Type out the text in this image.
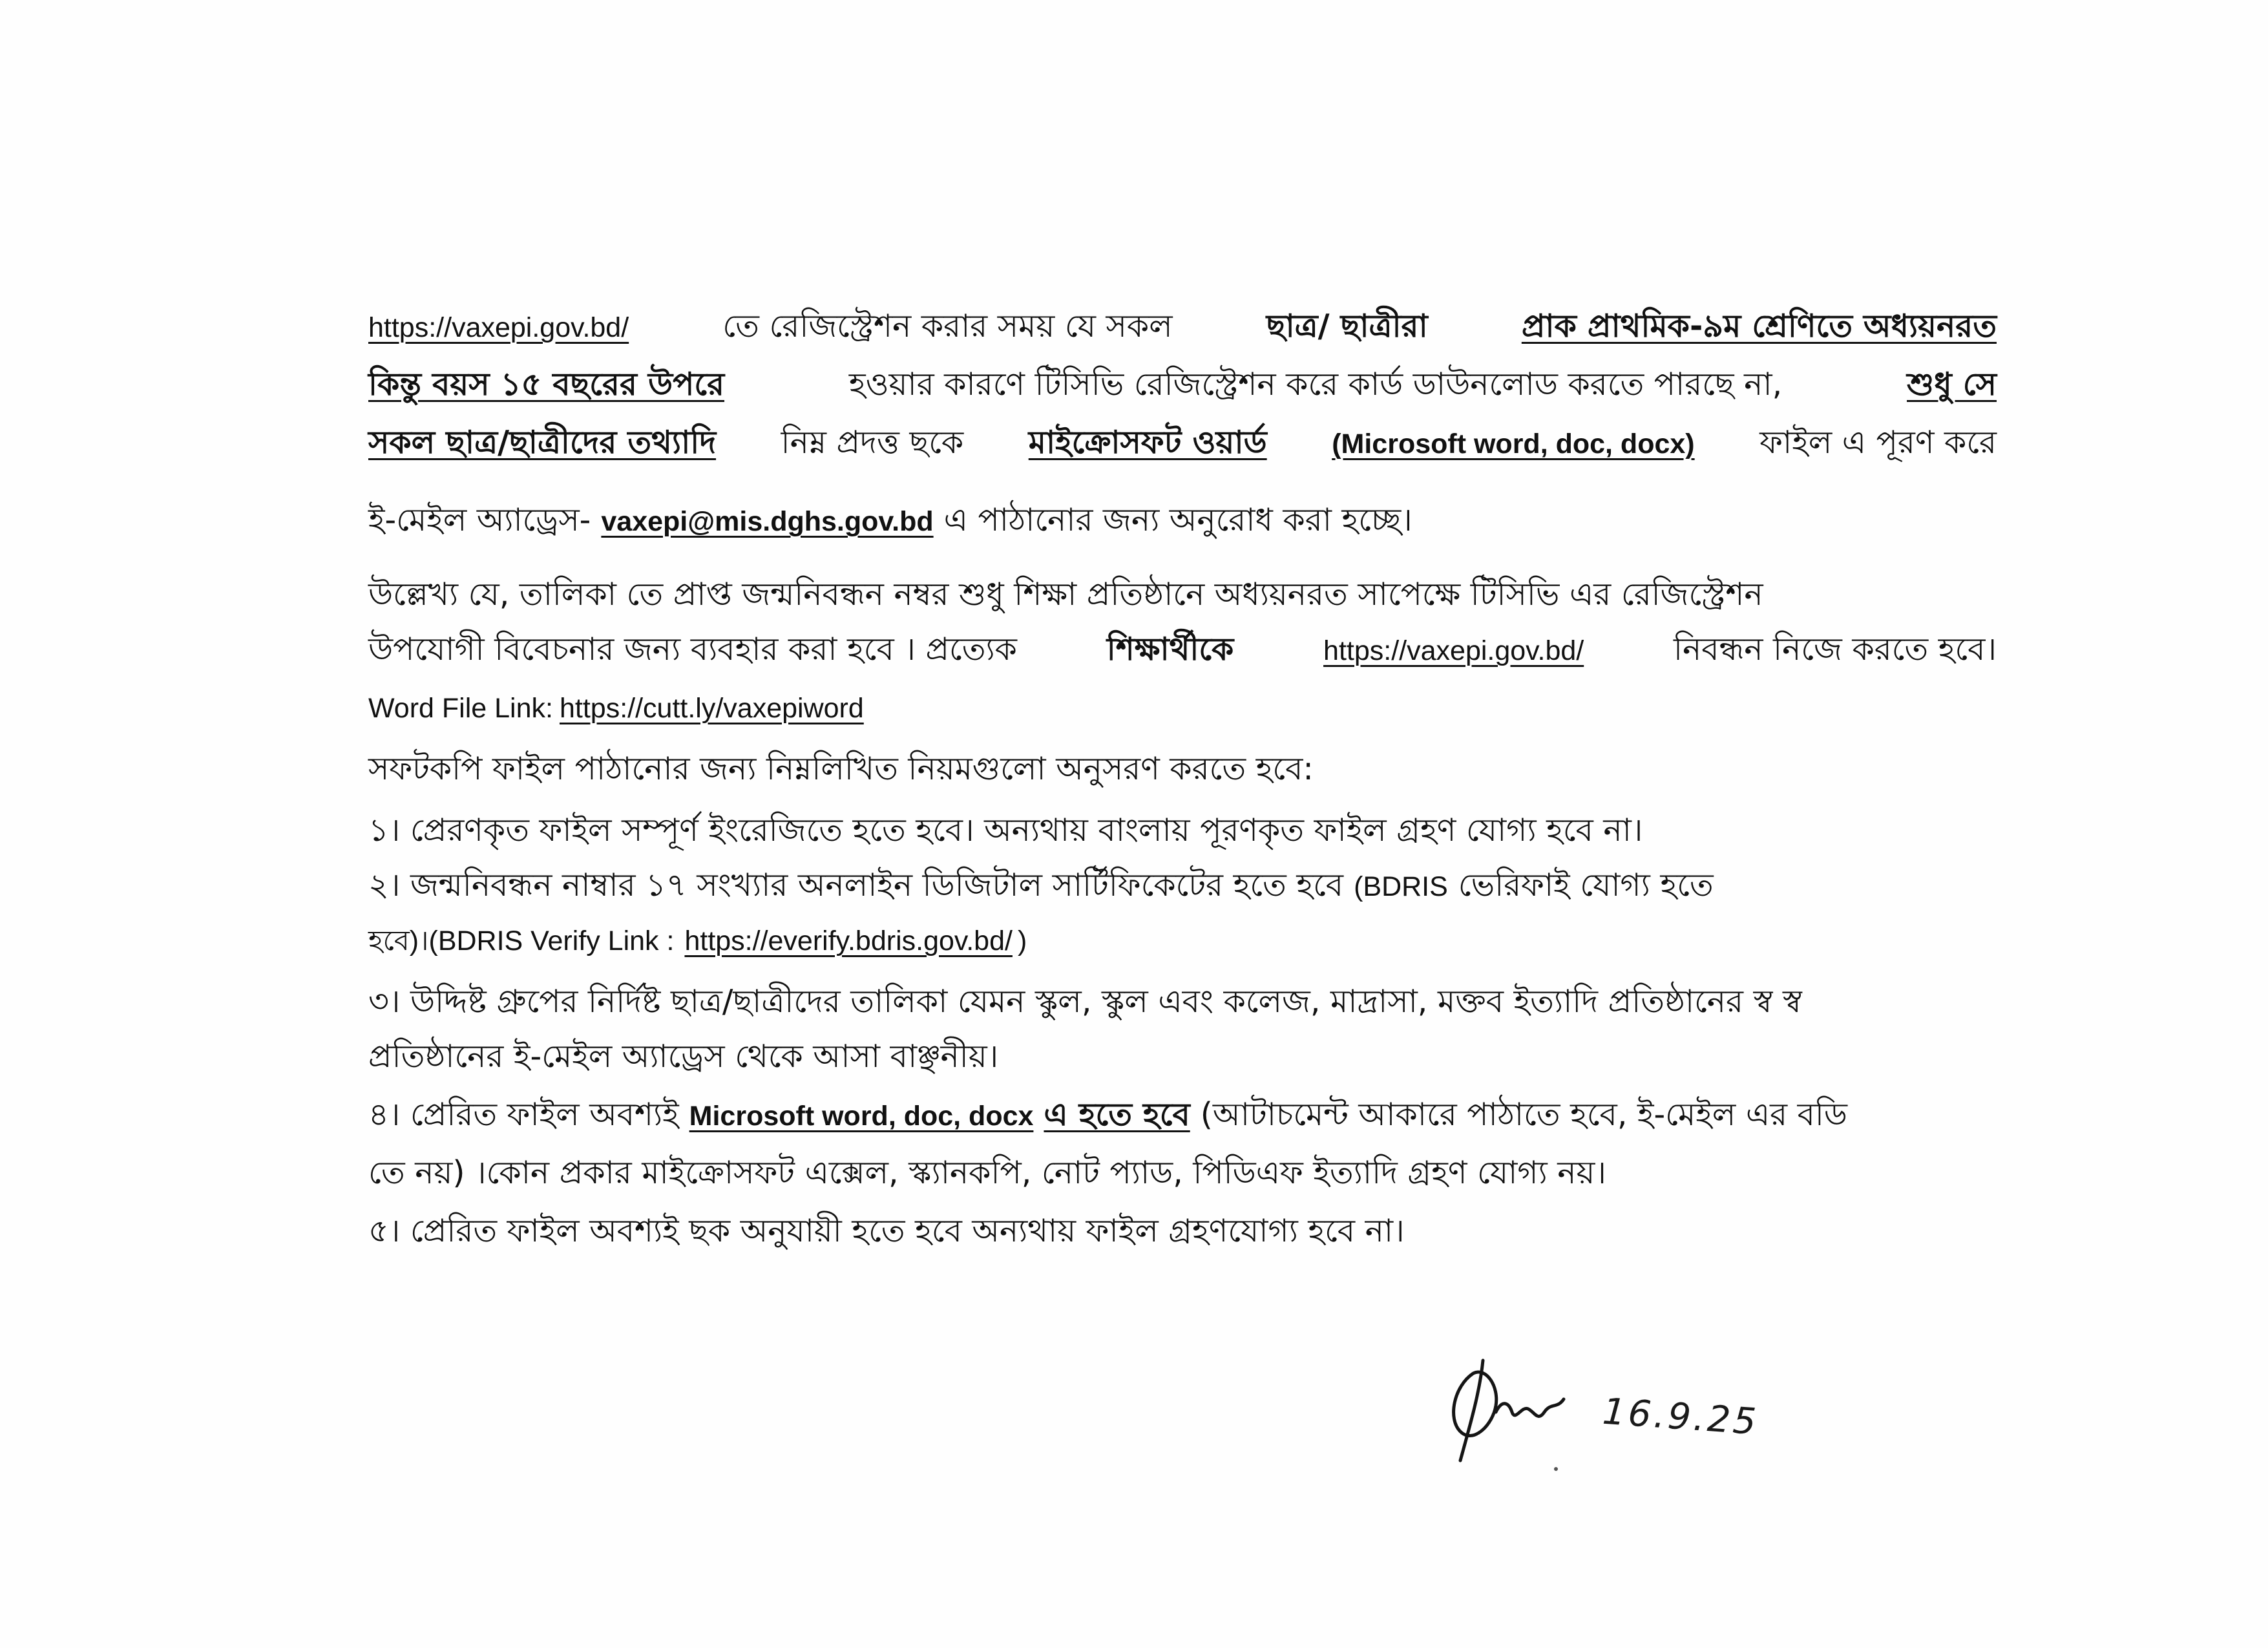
https://vaxepi.gov.bd/	তে রেজিস্ট্রেশন করার সময় যে সকল	ছাত্র/ ছাত্রীরা	প্রাক প্রাথমিক-৯ম শ্রেণিতে অধ্যয়নরত
কিন্তু বয়স ১৫ বছরের উপরে	হওয়ার কারণে টিসিভি রেজিস্ট্রেশন করে কার্ড ডাউনলোড করতে পারছে না,	শুধু সে
সকল ছাত্র/ছাত্রীদের তথ্যাদি নিম্ন প্রদত্ত ছকে মাইক্রোসফট ওয়ার্ড (Microsoft word, doc, docx) ফাইল এ পূরণ করে
ই-মেইল অ্যাড্রেস- vaxepi@mis.dghs.gov.bd এ পাঠানোর জন্য অনুরোধ করা হচ্ছে।
উল্লেখ্য যে, তালিকা তে প্রাপ্ত জন্মনিবন্ধন নম্বর শুধু শিক্ষা প্রতিষ্ঠানে অধ্যয়নরত সাপেক্ষে টিসিভি এর রেজিস্ট্রেশন
উপযোগী বিবেচনার জন্য ব্যবহার করা হবে । প্রত্যেক	শিক্ষার্থীকে	https://vaxepi.gov.bd/	নিবন্ধন নিজে করতে হবে।
Word File Link: https://cutt.ly/vaxepiword
সফটকপি ফাইল পাঠানোর জন্য নিম্নলিখিত নিয়মগুলো অনুসরণ করতে হবে:
১। প্রেরণকৃত ফাইল সম্পূর্ণ ইংরেজিতে হতে হবে। অন্যথায় বাংলায় পূরণকৃত ফাইল গ্রহণ যোগ্য হবে না।
২। জন্মনিবন্ধন নাম্বার ১৭ সংখ্যার অনলাইন ডিজিটাল সার্টিফিকেটের হতে হবে (BDRIS ভেরিফাই যোগ্য হতে
হবে)।(BDRIS Verify Link : https://everify.bdris.gov.bd/ )
৩। উদ্দিষ্ট গ্রুপের নির্দিষ্ট ছাত্র/ছাত্রীদের তালিকা যেমন স্কুল, স্কুল এবং কলেজ, মাদ্রাসা, মক্তব ইত্যাদি প্রতিষ্ঠানের স্ব স্ব
প্রতিষ্ঠানের ই-মেইল অ্যাড্রেস থেকে আসা বাঞ্ছনীয়।
৪। প্রেরিত ফাইল অবশ্যই Microsoft word, doc, docx এ হতে হবে (আটাচমেন্ট আকারে পাঠাতে হবে, ই-মেইল এর বডি
তে নয়) ।কোন প্রকার মাইক্রোসফট এক্সেল, স্ক্যানকপি, নোট প্যাড, পিডিএফ ইত্যাদি গ্রহণ যোগ্য নয়।
৫। প্রেরিত ফাইল অবশ্যই ছক অনুযায়ী হতে হবে অন্যথায় ফাইল গ্রহণযোগ্য হবে না।
16.9.25
